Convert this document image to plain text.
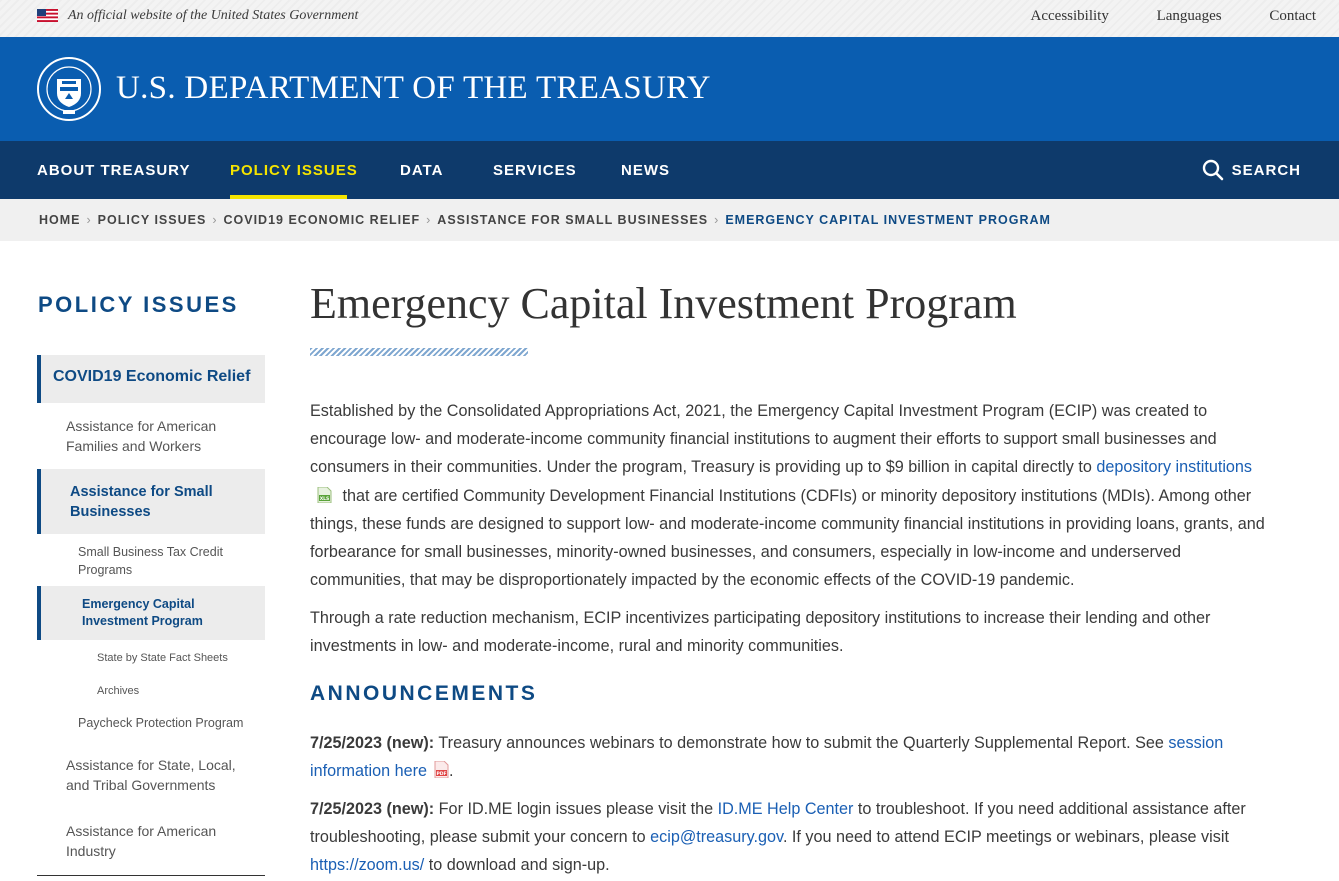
An official website of the United States Government	Accessibility	Languages	Contact
U.S. DEPARTMENT OF THE TREASURY
ABOUT TREASURY	POLICY ISSUES	DATA	SERVICES	NEWS	SEARCH
HOME › POLICY ISSUES › COVID19 ECONOMIC RELIEF › ASSISTANCE FOR SMALL BUSINESSES › EMERGENCY CAPITAL INVESTMENT PROGRAM
POLICY ISSUES
COVID19 Economic Relief
Assistance for American Families and Workers
Assistance for Small Businesses
Small Business Tax Credit Programs
Emergency Capital Investment Program
State by State Fact Sheets
Archives
Paycheck Protection Program
Assistance for State, Local, and Tribal Governments
Assistance for American Industry
Emergency Capital Investment Program
Established by the Consolidated Appropriations Act, 2021, the Emergency Capital Investment Program (ECIP) was created to encourage low- and moderate-income community financial institutions to augment their efforts to support small businesses and consumers in their communities. Under the program, Treasury is providing up to $9 billion in capital directly to depository institutions
XLS that are certified Community Development Financial Institutions (CDFIs) or minority depository institutions (MDIs). Among other things, these funds are designed to support low- and moderate-income community financial institutions in providing loans, grants, and forbearance for small businesses, minority-owned businesses, and consumers, especially in low-income and underserved communities, that may be disproportionately impacted by the economic effects of the COVID-19 pandemic.
Through a rate reduction mechanism, ECIP incentivizes participating depository institutions to increase their lending and other investments in low- and moderate-income, rural and minority communities.
ANNOUNCEMENTS
7/25/2023 (new): Treasury announces webinars to demonstrate how to submit the Quarterly Supplemental Report. See session information here PDF .
7/25/2023 (new): For ID.ME login issues please visit the ID.ME Help Center to troubleshoot. If you need additional assistance after troubleshooting, please submit your concern to ecip@treasury.gov. If you need to attend ECIP meetings or webinars, please visit https://zoom.us/ to download and sign-up.
